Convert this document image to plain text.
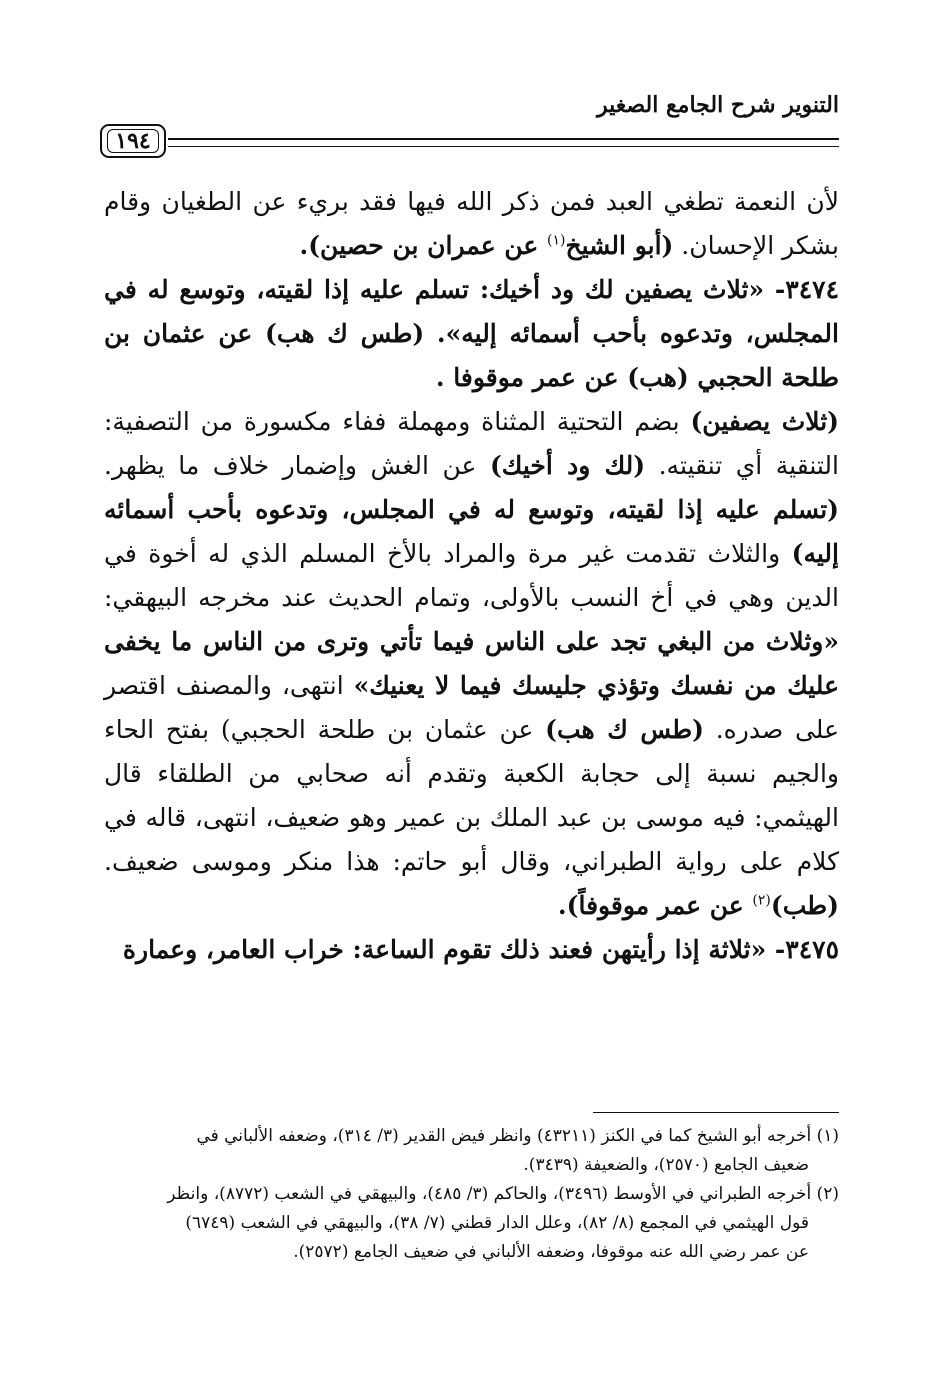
التنوير شرح الجامع الصغير
١٩٤

لأن النعمة تطغي العبد فمن ذكر الله فيها فقد بريء عن الطغيان وقام بشكر الإحسان. (أبو الشيخ$^{(١)}$ عن عمران بن حصين).

٣٤٧٤- «ثلاث يصفين لك ود أخيك: تسلم عليه إذا لقيته، وتوسع له في المجلس، وتدعوه بأحب أسمائه إليه». (طس ك هب) عن عثمان بن طلحة الحجبي (هب) عن عمر موقوفا .

(ثلاث يصفين) بضم التحتية المثناة ومهملة ففاء مكسورة من التصفية: التنقية أي تنقيته. (لك ود أخيك) عن الغش وإضمار خلاف ما يظهر. (تسلم عليه إذا لقيته، وتوسع له في المجلس، وتدعوه بأحب أسمائه إليه) والثلاث تقدمت غير مرة والمراد بالأخ المسلم الذي له أخوة في الدين وهي في أخ النسب بالأولى، وتمام الحديث عند مخرجه البيهقي: «وثلاث من البغي تجد على الناس فيما تأتي وترى من الناس ما يخفى عليك من نفسك وتؤذي جليسك فيما لا يعنيك» انتهى، والمصنف اقتصر على صدره. (طس ك هب) عن عثمان بن طلحة الحجبي) بفتح الحاء والجيم نسبة إلى حجابة الكعبة وتقدم أنه صحابي من الطلقاء قال الهيثمي: فيه موسى بن عبد الملك بن عمير وهو ضعيف، انتهى، قاله في كلام على رواية الطبراني، وقال أبو حاتم: هذا منكر وموسى ضعيف. (طب)$^{(٢)}$ عن عمر موقوفاً).

٣٤٧٥- «ثلاثة إذا رأيتهن فعند ذلك تقوم الساعة: خراب العامر، وعمارة

(١) أخرجه أبو الشيخ كما في الكنز (٤٣٢١١) وانظر فيض القدير (٣/ ٣١٤)، وضعفه الألباني في
ضعيف الجامع (٢٥٧٠)، والضعيفة (٣٤٣٩).

(٢) أخرجه الطبراني في الأوسط (٣٤٩٦)، والحاكم (٣/ ٤٨٥)، والبيهقي في الشعب (٨٧٧٢)، وانظر
قول الهيثمي في المجمع (٨/ ٨٢)، وعلل الدار قطني (٧/ ٣٨)، والبيهقي في الشعب (٦٧٤٩)
عن عمر رضي الله عنه موقوفا، وضعفه الألباني في ضعيف الجامع (٢٥٧٢).
